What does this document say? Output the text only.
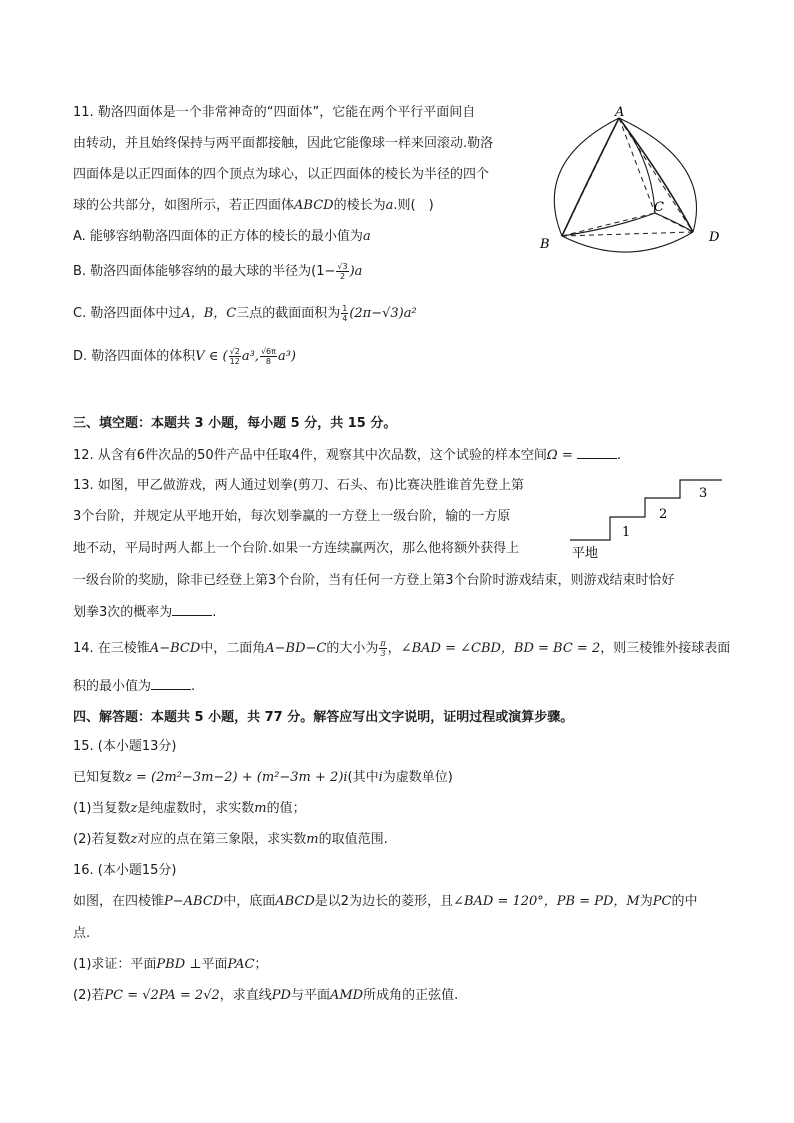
11. 勒洛四面体是一个非常神奇的“四面体”，它能在两个平行平面间自
由转动，并且始终保持与两平面都接触，因此它能像球一样来回滚动.勒洛
四面体是以正四面体的四个顶点为球心，以正四面体的棱长为半径的四个
球的公共部分，如图所示，若正四面体ABCD的棱长为a.则(　)
A. 能够容纳勒洛四面体的正方体的棱长的最小值为a
B. 勒洛四面体能够容纳的最大球的半径为$(1- \frac{√3}{2} )a$
C. 勒洛四面体中过A，B，C三点的截面面积为 $\frac{1}{4} (2\pi-√3)a^2$
D. 勒洛四面体的体积V ∈ ( $\frac{√2}{12} a^3$, $\frac{√6\pi}{8} a^3$)
A
B
C
D
三、填空题：本题共 3 小题，每小题 5 分，共 15 分。
12. 从含有6件次品的50件产品中任取4件，观察其中次品数，这个试验的样本空间Ω =	.
13. 如图，甲乙做游戏，两人通过划拳(剪刀、石头、布)比赛决胜谁首先登上第
3个台阶，并规定从平地开始，每次划拳赢的一方登上一级台阶，输的一方原
地不动，平局时两人都上一个台阶.如果一方连续赢两次，那么他将额外获得上
一级台阶的奖励，除非已经登上第3个台阶，当有任何一方登上第3个台阶时游戏结束，则游戏结束时恰好
划拳3次的概率为	.
平地
1
2
3
14. 在三棱锥A−BCD中，二面角A−BD−C的大小为 $\frac{\pi}{3}$ ，∠BAD = ∠CBD，BD = BC = 2，则三棱锥外接球表面
积的最小值为	.
四、解答题：本题共 5 小题，共 77 分。解答应写出文字说明，证明过程或演算步骤。
15. (本小题13分)
已知复数z = (2m²−3m−2) + (m²−3m + 2)i(其中i为虚数单位)
(1)当复数z是纯虚数时，求实数m的值；
(2)若复数z对应的点在第三象限，求实数m的取值范围.
16. (本小题15分)
如图，在四棱锥P−ABCD中，底面ABCD是以2为边长的菱形，且∠BAD = 120°，PB = PD，M为PC的中
点.
(1)求证：平面PBD ⊥平面PAC；
(2)若PC = √2PA = 2√2，求直线PD与平面AMD所成角的正弦值.
